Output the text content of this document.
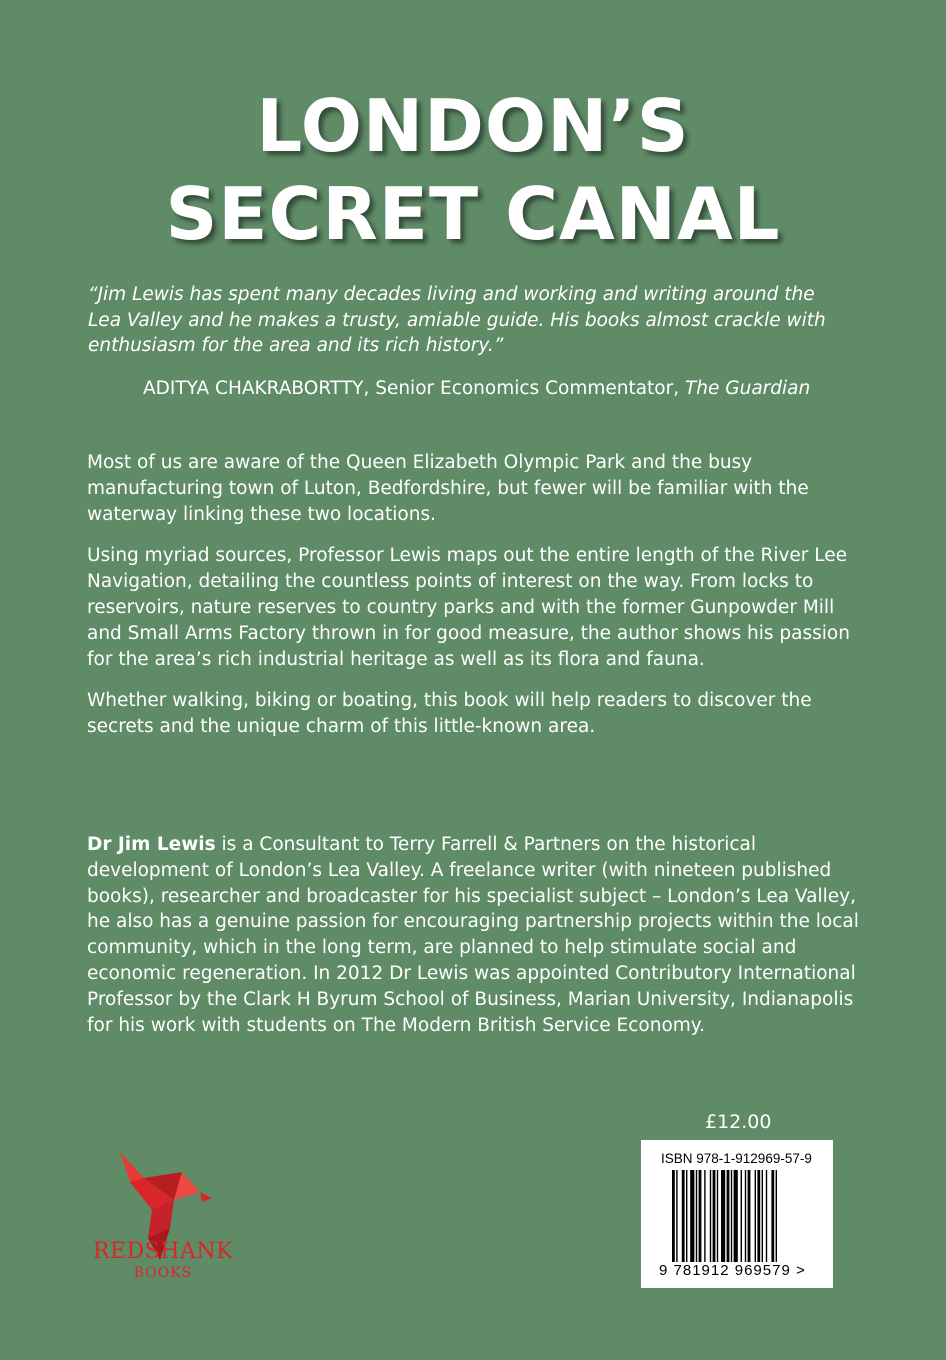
LONDON’S
SECRET CANAL
“Jim Lewis has spent many decades living and working and writing around the Lea Valley and he makes a trusty, amiable guide. His books almost crackle with enthusiasm for the area and its rich history.”
ADITYA CHAKRABORTTY, Senior Economics Commentator, The Guardian

Most of us are aware of the Queen Elizabeth Olympic Park and the busy manufacturing town of Luton, Bedfordshire, but fewer will be familiar with the waterway linking these two locations.

Using myriad sources, Professor Lewis maps out the entire length of the River Lee Navigation, detailing the countless points of interest on the way. From locks to reservoirs, nature reserves to country parks and with the former Gunpowder Mill and Small Arms Factory thrown in for good measure, the author shows his passion for the area’s rich industrial heritage as well as its flora and fauna.

Whether walking, biking or boating, this book will help readers to discover the secrets and the unique charm of this little-known area.

Dr Jim Lewis is a Consultant to Terry Farrell & Partners on the historical development of London’s Lea Valley. A freelance writer (with nineteen published books), researcher and broadcaster for his specialist subject – London’s Lea Valley, he also has a genuine passion for encouraging partnership projects within the local community, which in the long term, are planned to help stimulate social and economic regeneration. In 2012 Dr Lewis was appointed Contributory International Professor by the Clark H Byrum School of Business, Marian University, Indianapolis for his work with students on The Modern British Service Economy.
£12.00
ISBN 978-1-912969-57-9
9 781912 969579 >
REDSHANK
BOOKS
